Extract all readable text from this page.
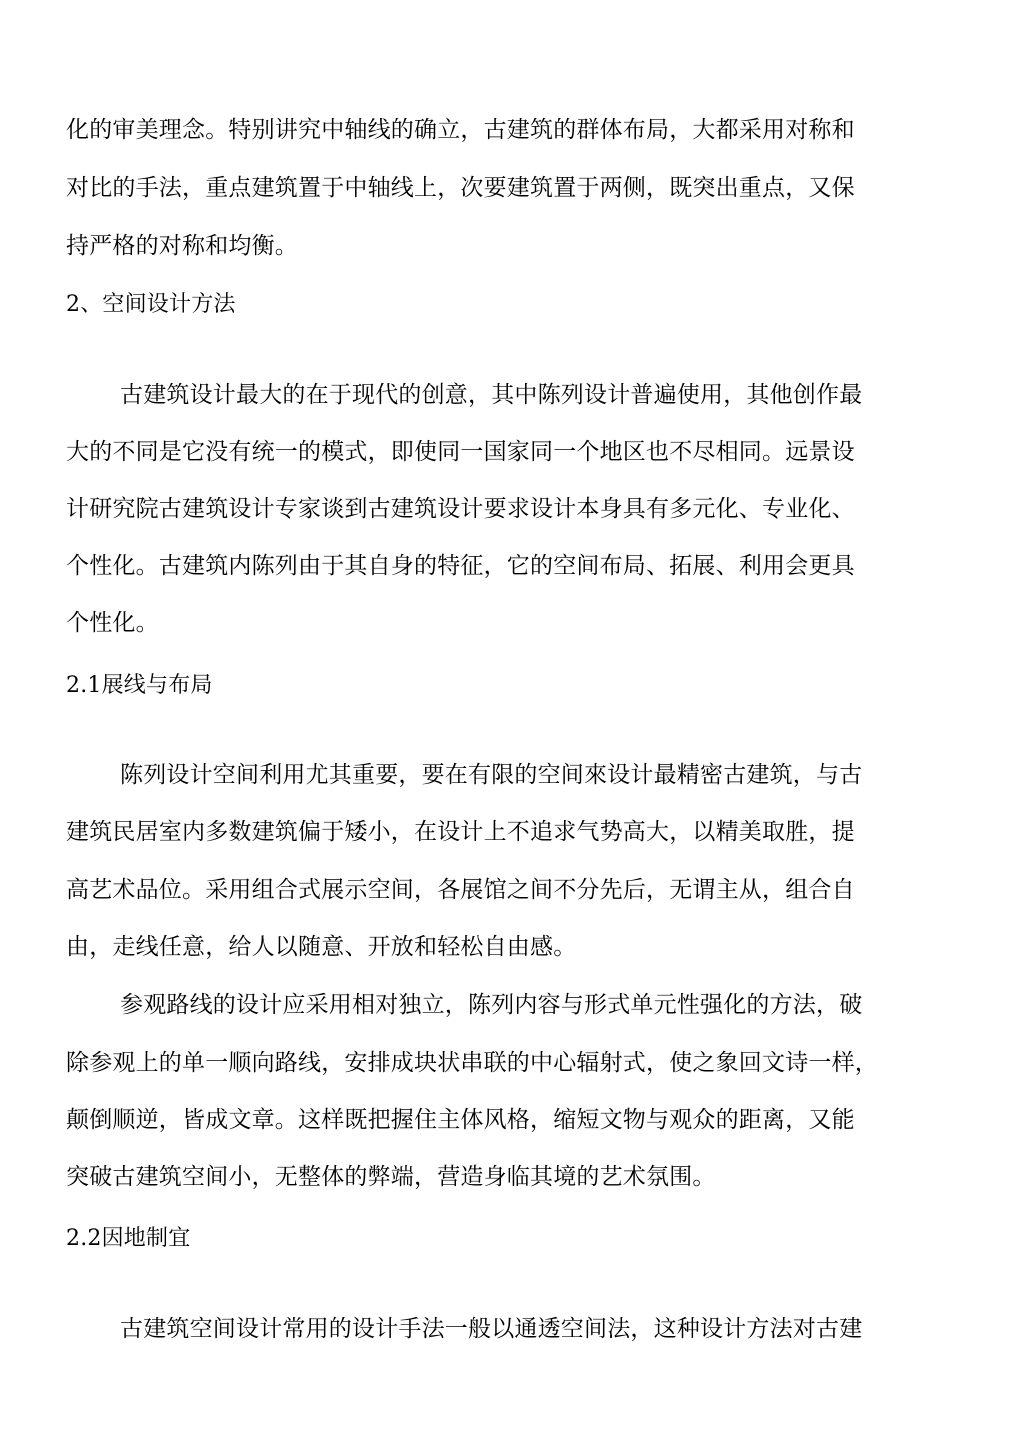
化的审美理念。特别讲究中轴线的确立，古建筑的群体布局，大都采用对称和
对比的手法，重点建筑置于中轴线上，次要建筑置于两侧，既突出重点，又保
持严格的对称和均衡。
2、空间设计方法
古建筑设计最大的在于现代的创意，其中陈列设计普遍使用，其他创作最
大的不同是它没有统一的模式，即使同一国家同一个地区也不尽相同。远景设
计研究院古建筑设计专家谈到古建筑设计要求设计本身具有多元化、专业化、
个性化。古建筑内陈列由于其自身的特征，它的空间布局、拓展、利用会更具
个性化。
2.1展线与布局
陈列设计空间利用尤其重要，要在有限的空间來设计最精密古建筑，与古
建筑民居室内多数建筑偏于矮小，在设计上不追求气势高大，以精美取胜，提
高艺术品位。采用组合式展示空间，各展馆之间不分先后，无谓主从，组合自
由，走线任意，给人以随意、开放和轻松自由感。
参观路线的设计应采用相对独立，陈列内容与形式单元性强化的方法，破
除参观上的单一顺向路线，安排成块状串联的中心辐射式，使之象回文诗一样，
颠倒顺逆，皆成文章。这样既把握住主体风格，缩短文物与观众的距离，又能
突破古建筑空间小，无整体的弊端，营造身临其境的艺术氛围。
2.2因地制宜
古建筑空间设计常用的设计手法一般以通透空间法，这种设计方法对古建
